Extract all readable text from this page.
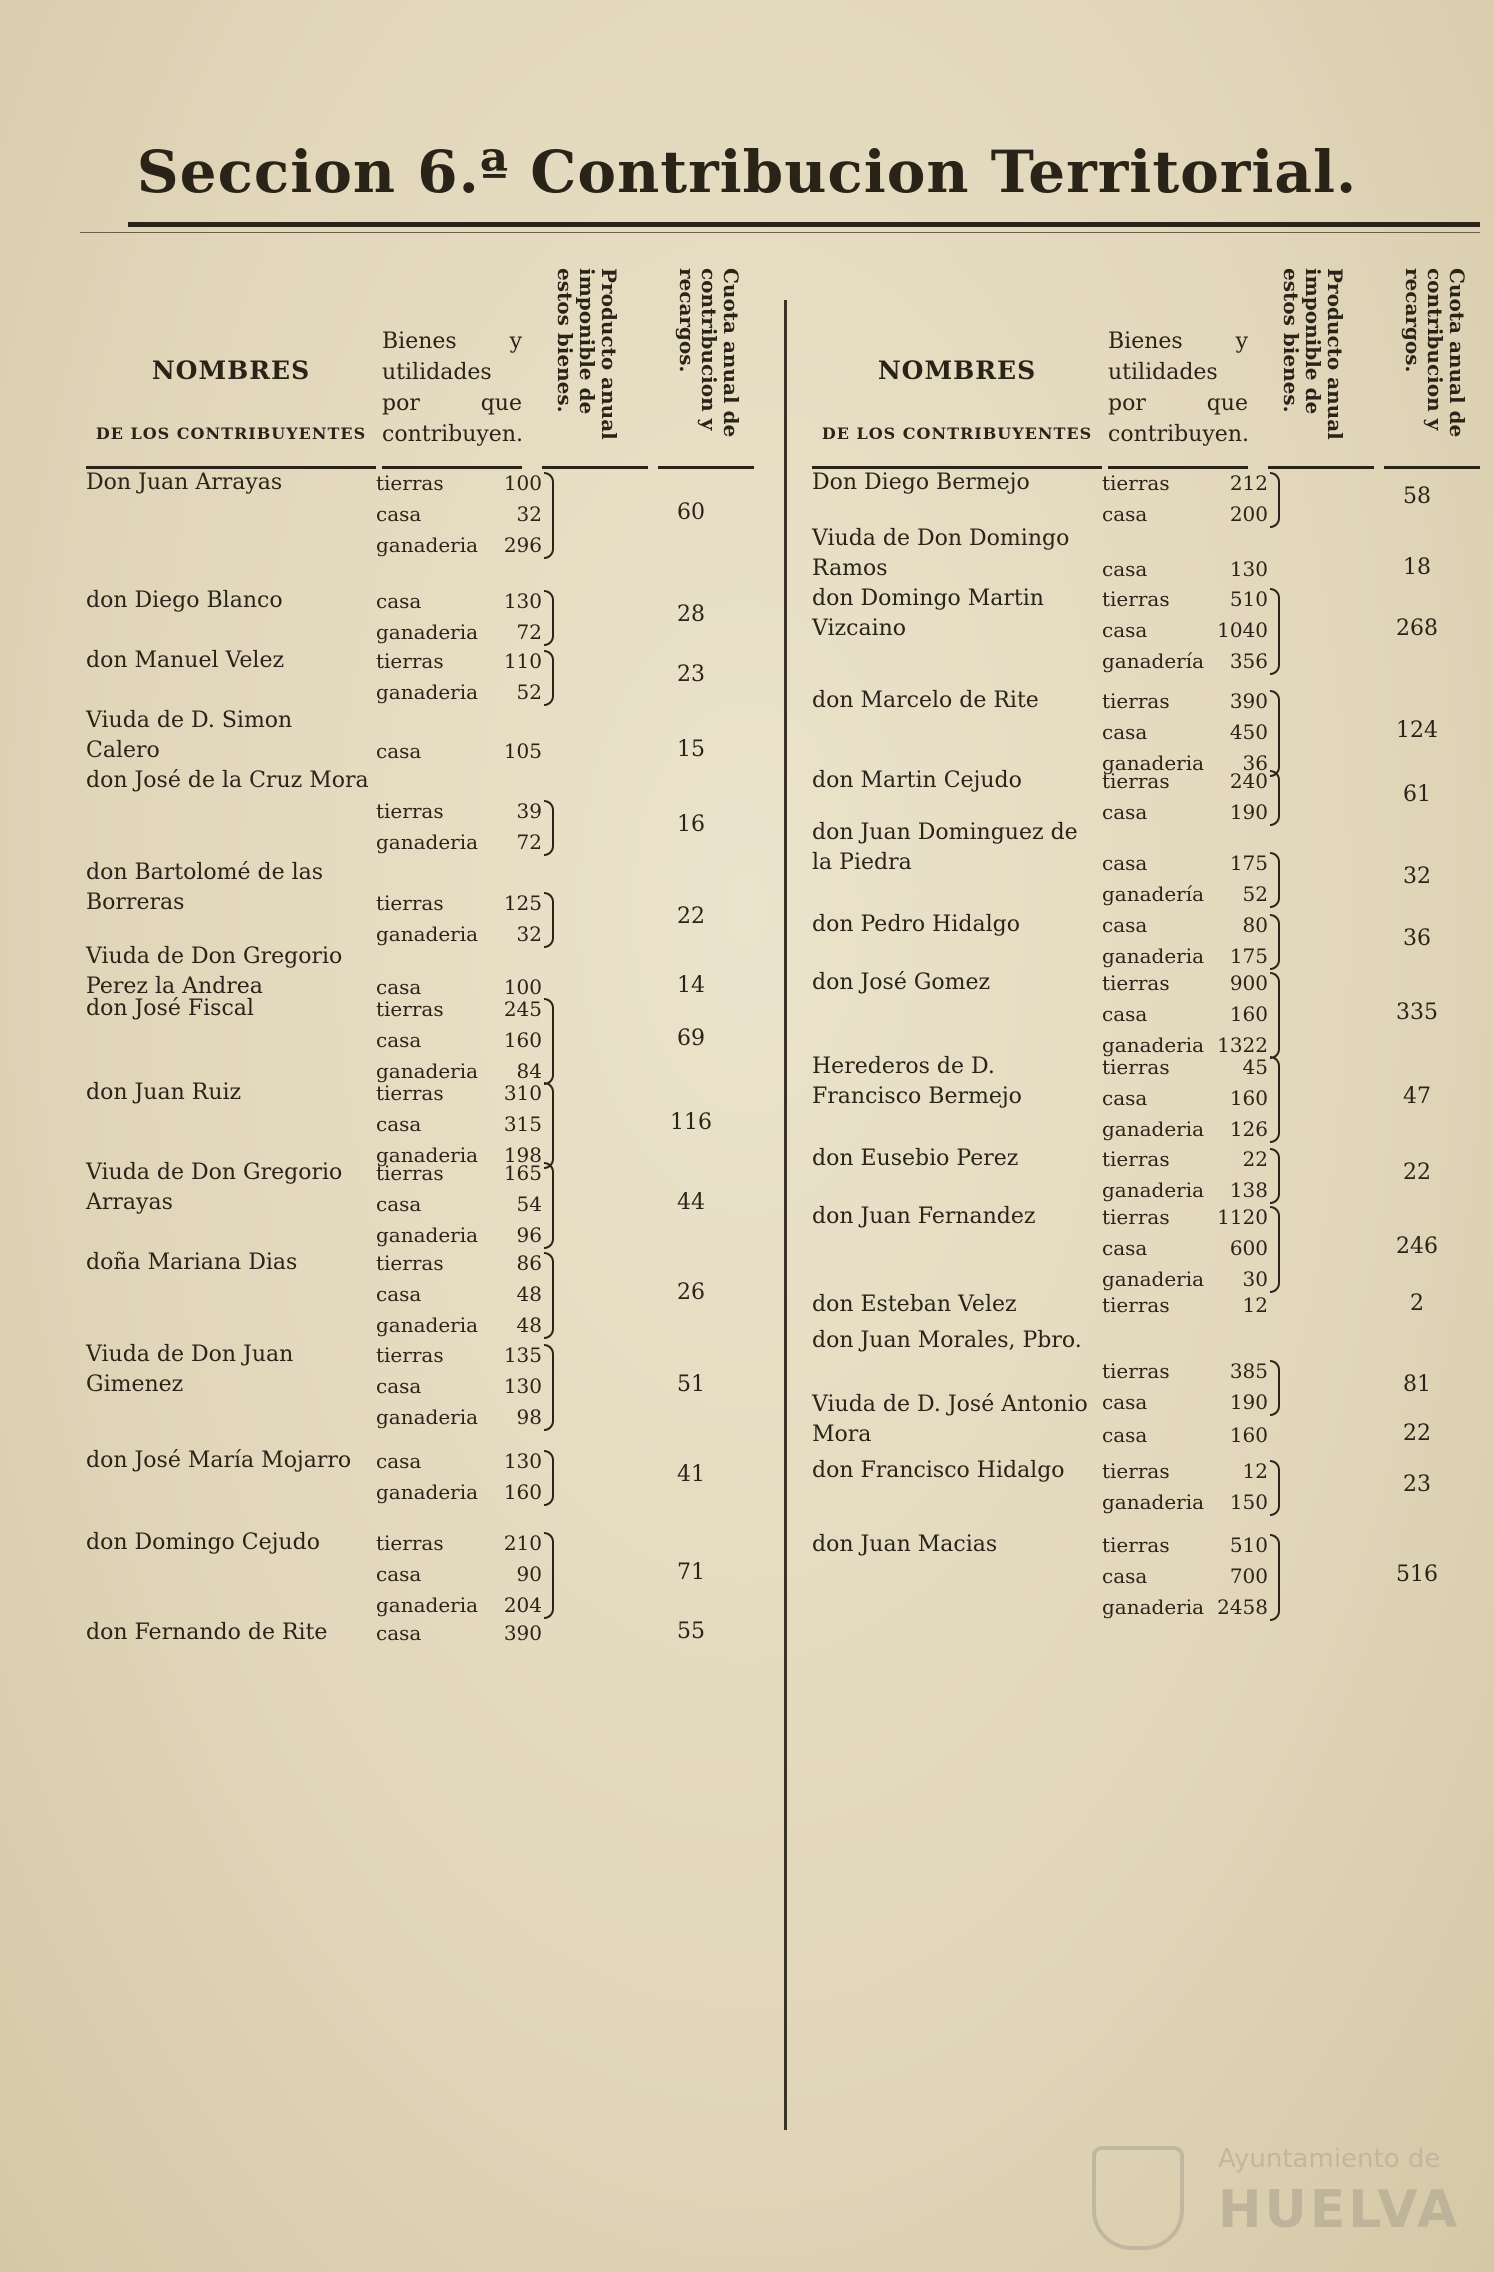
Seccion 6.ª Contribucion Territorial.
NOMBRES
DE LOS CONTRIBUYENTES
Bienes y utilidades por que contribuyen.	Producto anual imponible de estos bienes.	Cuota anual de contribucion y recargos.
Don Juan Arrayas	tierras	100
casa	32
ganaderia	296
60
don Diego Blanco	casa	130
ganaderia	72
28
don Manuel Velez	tierras	110
ganaderia	52
23
Viuda de D. Simon Calero	casa	105	15
don José de la Cruz Mora
tierras	39
ganaderia	72
16
don Bartolomé de las Borreras	tierras	125
ganaderia	32
22
Viuda de Don Gregorio Perez la Andrea	casa	100	14
don José Fiscal	tierras	245
casa	160
ganaderia	84
69
don Juan Ruiz	tierras	310
casa	315
ganaderia	198
116
Viuda de Don Gregorio Arrayas
tierras	165
casa	54
ganaderia	96
44
doña Mariana Dias	tierras	86
casa	48
ganaderia	48
26
Viuda de Don Juan Gimenez
tierras	135
casa	130
ganaderia	98
51
don José María Mojarro	casa	130
ganaderia	160
41
don Domingo Cejudo	tierras	210
casa	90
ganaderia	204
71
don Fernando de Rite	casa	390	55
NOMBRES
DE LOS CONTRIBUYENTES
Bienes y utilidades por que contribuyen.	Producto anual imponible de estos bienes.	Cuota anual de contribucion y recargos.
Don Diego Bermejo	tierras	212
casa	200
58
Viuda de Don Domingo Ramos	casa	130	18
don Domingo Martin Vizcaino
tierras	510
casa	1040
ganadería	356
268
don Marcelo de Rite	tierras	390
casa	450
ganaderia	36
124
don Martin Cejudo	tierras	240
casa	190
61
don Juan Dominguez de la Piedra	casa	175
ganadería	52
32
don Pedro Hidalgo	casa	80
ganaderia	175
36
don José Gomez	tierras	900
casa	160
ganaderia 1322
335
Herederos de D. Francisco Bermejo
tierras	45
casa	160
ganaderia	126
47
don Eusebio Perez	tierras	22
ganaderia	138
22
don Juan Fernandez	tierras	1120
casa	600
ganaderia	30
246
don Esteban Velez	tierras	12	2
don Juan Morales, Pbro.
tierras	385
casa	190
81
Viuda de D. José Antonio Mora	casa	160	22
don Francisco Hidalgo	tierras	12
ganaderia	150
23
don Juan Macias	tierras	510
casa	700
ganaderia 2458
516
Ayuntamiento de
HUELVA
